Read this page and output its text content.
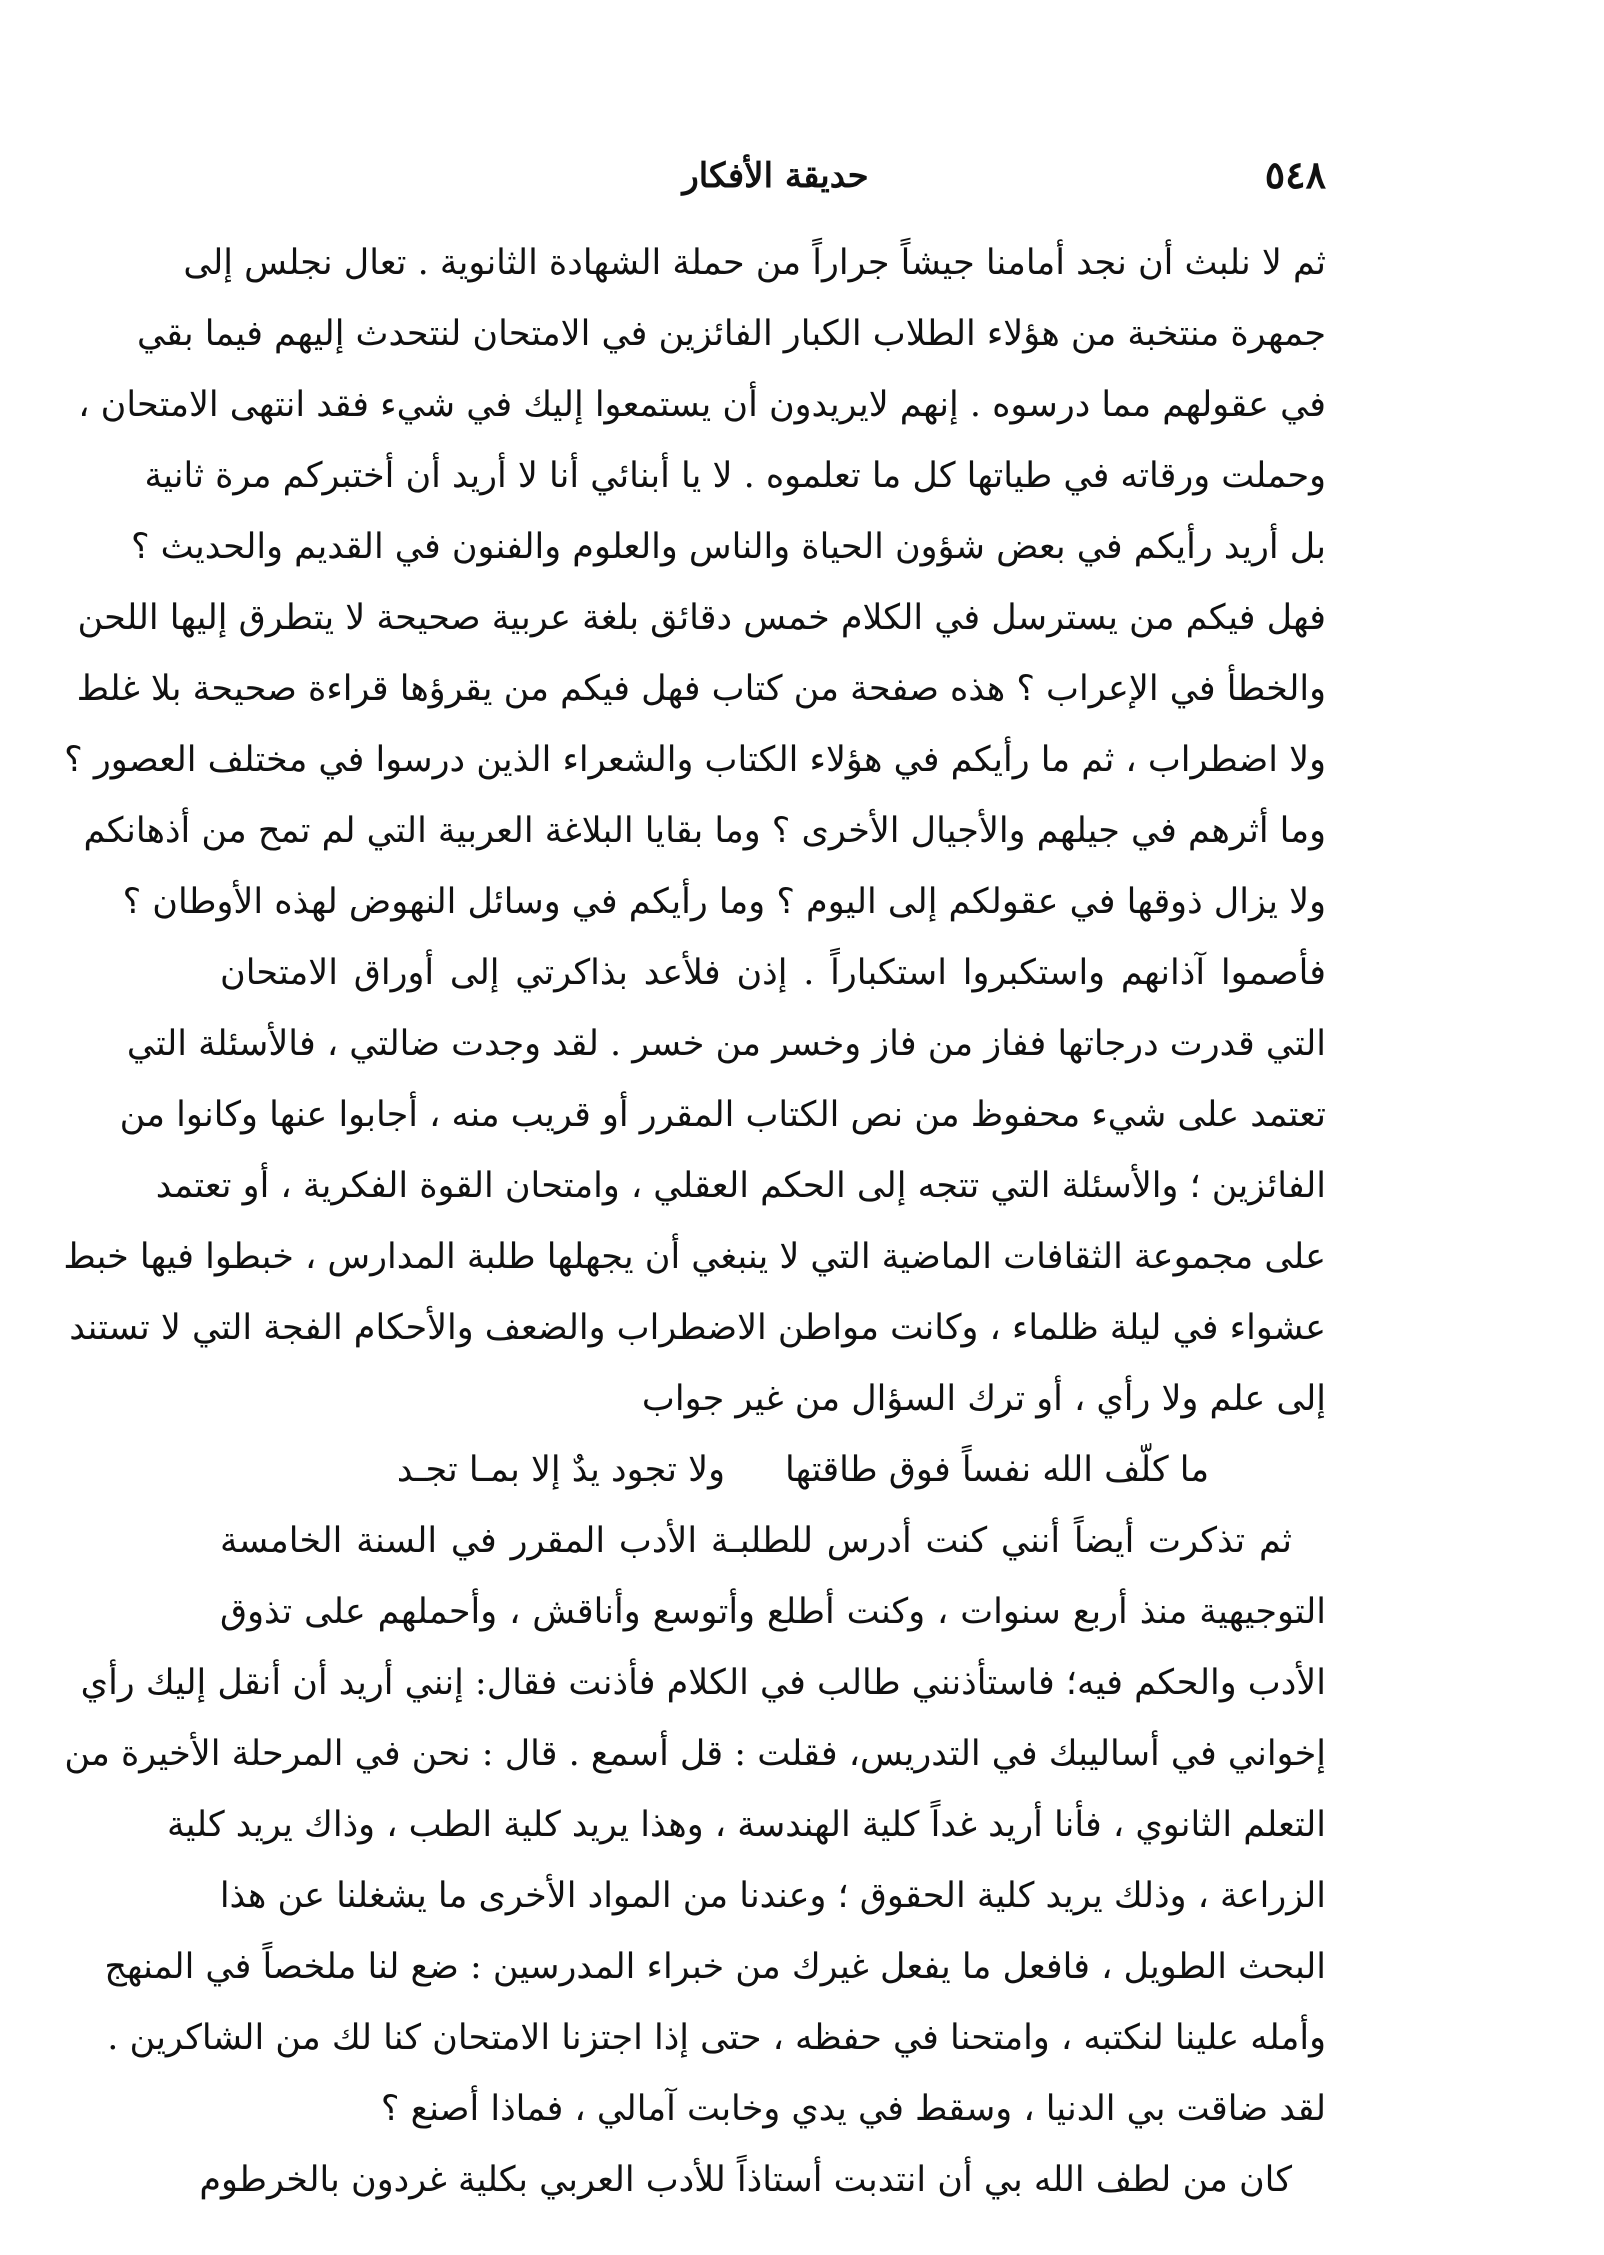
٥٤٨
حديقة الأفكار
ثم لا نلبث أن نجد أمامنا جيشاً جراراً من حملة الشهادة الثانوية . تعال نجلس إلى
جمهرة منتخبة من هؤلاء الطلاب الكبار الفائزين في الامتحان لنتحدث إليهم فيما بقي
في عقولهم مما درسوه . إنهم لايريدون أن يستمعوا إليك في شيء فقد انتهى الامتحان ،
وحملت ورقاته في طياتها كل ما تعلموه . لا يا أبنائي أنا لا أريد أن أختبركم مرة ثانية
بل أريد رأيكم في بعض شؤون الحياة والناس والعلوم والفنون في القديم والحديث ؟
فهل فيكم من يسترسل في الكلام خمس دقائق بلغة عربية صحيحة لا يتطرق إليها اللحن
والخطأ في الإعراب ؟ هذه صفحة من كتاب فهل فيكم من يقرؤها قراءة صحيحة بلا غلط
ولا اضطراب ، ثم ما رأيكم في هؤلاء الكتاب والشعراء الذين درسوا في مختلف العصور ؟
وما أثرهم في جيلهم والأجيال الأخرى ؟ وما بقايا البلاغة العربية التي لم تمح من أذهانكم
ولا يزال ذوقها في عقولكم إلى اليوم ؟ وما رأيكم في وسائل النهوض لهذه الأوطان ؟
فأصموا آذانهم واستكبروا استكباراً . إذن فلأعد بذاكرتي إلى أوراق الامتحان
التي قدرت درجاتها ففاز من فاز وخسر من خسر . لقد وجدت ضالتي ، فالأسئلة التي
تعتمد على شيء محفوظ من نص الكتاب المقرر أو قريب منه ، أجابوا عنها وكانوا من
الفائزين ؛ والأسئلة التي تتجه إلى الحكم العقلي ، وامتحان القوة الفكرية ، أو تعتمد
على مجموعة الثقافات الماضية التي لا ينبغي أن يجهلها طلبة المدارس ، خبطوا فيها خبط
عشواء في ليلة ظلماء ، وكانت مواطن الاضطراب والضعف والأحكام الفجة التي لا تستند
إلى علم ولا رأي ، أو ترك السؤال من غير جواب
ما كلّف الله نفساً فوق طاقتها
ولا تجود يدٌ إلا بمـا تجـد
ثم تذكرت أيضاً أنني كنت أدرس للطلبـة الأدب المقرر في السنة الخامسة
التوجيهية منذ أربع سنوات ، وكنت أطلع وأتوسع وأناقش ، وأحملهم على تذوق
الأدب والحكم فيه؛ فاستأذنني طالب في الكلام فأذنت فقال: إنني أريد أن أنقل إليك رأي
إخواني في أساليبك في التدريس، فقلت : قل أسمع . قال : نحن في المرحلة الأخيرة من
التعلم الثانوي ، فأنا أريد غداً كلية الهندسة ، وهذا يريد كلية الطب ، وذاك يريد كلية
الزراعة ، وذلك يريد كلية الحقوق ؛ وعندنا من المواد الأخرى ما يشغلنا عن هذا
البحث الطويل ، فافعل ما يفعل غيرك من خبراء المدرسين : ضع لنا ملخصاً في المنهج
وأمله علينا لنكتبه ، وامتحنا في حفظه ، حتى إذا اجتزنا الامتحان كنا لك من الشاكرين .
لقد ضاقت بي الدنيا ، وسقط في يدي وخابت آمالي ، فماذا أصنع ؟
كان من لطف الله بي أن انتدبت أستاذاً للأدب العربي بكلية غردون بالخرطوم
